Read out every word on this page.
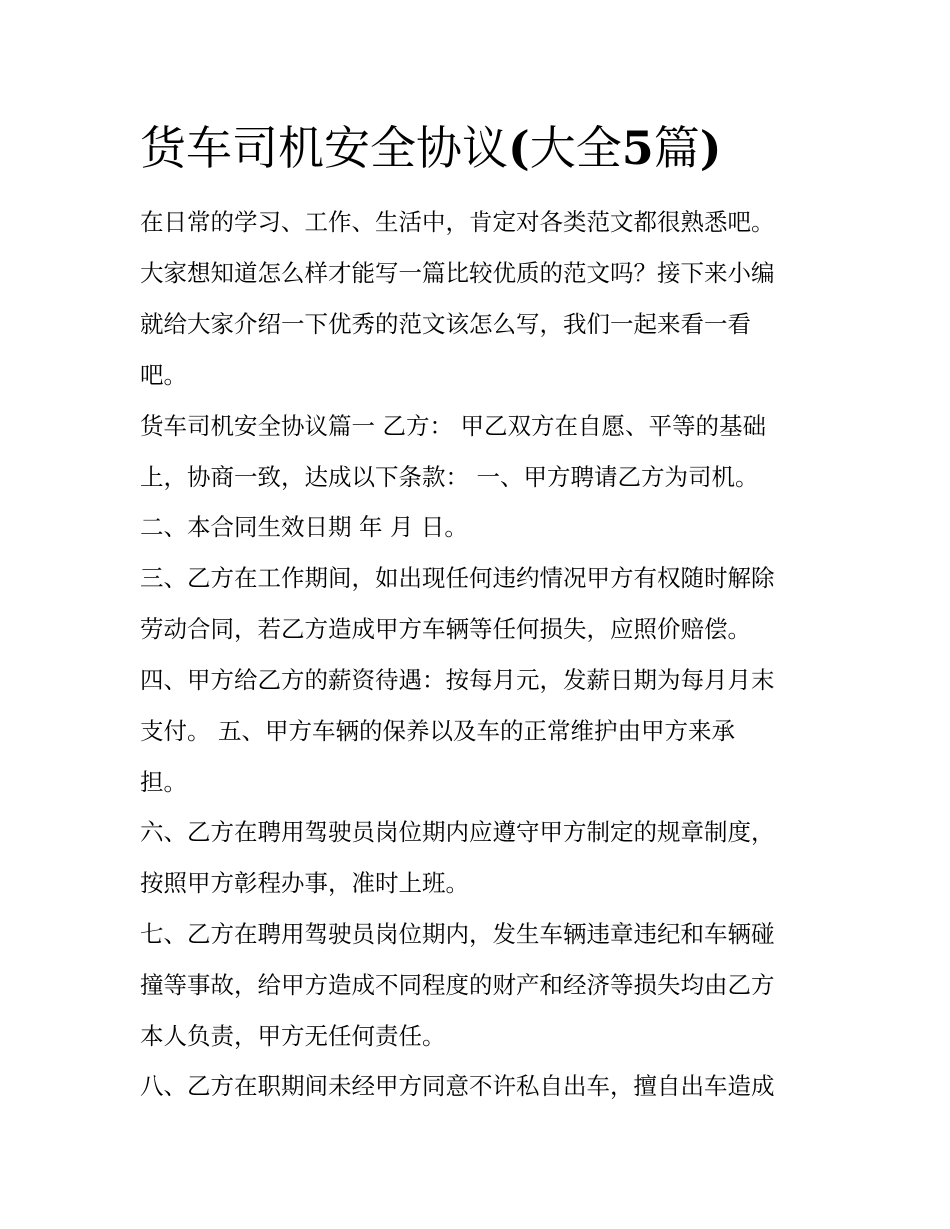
货车司机安全协议(大全5篇)

在日常的学习、工作、生活中，肯定对各类范文都很熟悉吧。

大家想知道怎么样才能写一篇比较优质的范文吗？接下来小编

就给大家介绍一下优秀的范文该怎么写，我们一起来看一看

吧。

货车司机安全协议篇一 乙方： 甲乙双方在自愿、平等的基础

上，协商一致，达成以下条款： 一、甲方聘请乙方为司机。

二、本合同生效日期 年 月 日。

三、乙方在工作期间，如出现任何违约情况甲方有权随时解除

劳动合同，若乙方造成甲方车辆等任何损失，应照价赔偿。

四、甲方给乙方的薪资待遇：按每月元，发薪日期为每月月末

支付。 五、甲方车辆的保养以及车的正常维护由甲方来承

担。

六、乙方在聘用驾驶员岗位期内应遵守甲方制定的规章制度，

按照甲方彰程办事，准时上班。

七、乙方在聘用驾驶员岗位期内，发生车辆违章违纪和车辆碰

撞等事故，给甲方造成不同程度的财产和经济等损失均由乙方

本人负责，甲方无任何责任。

八、乙方在职期间未经甲方同意不许私自出车，擅自出车造成
